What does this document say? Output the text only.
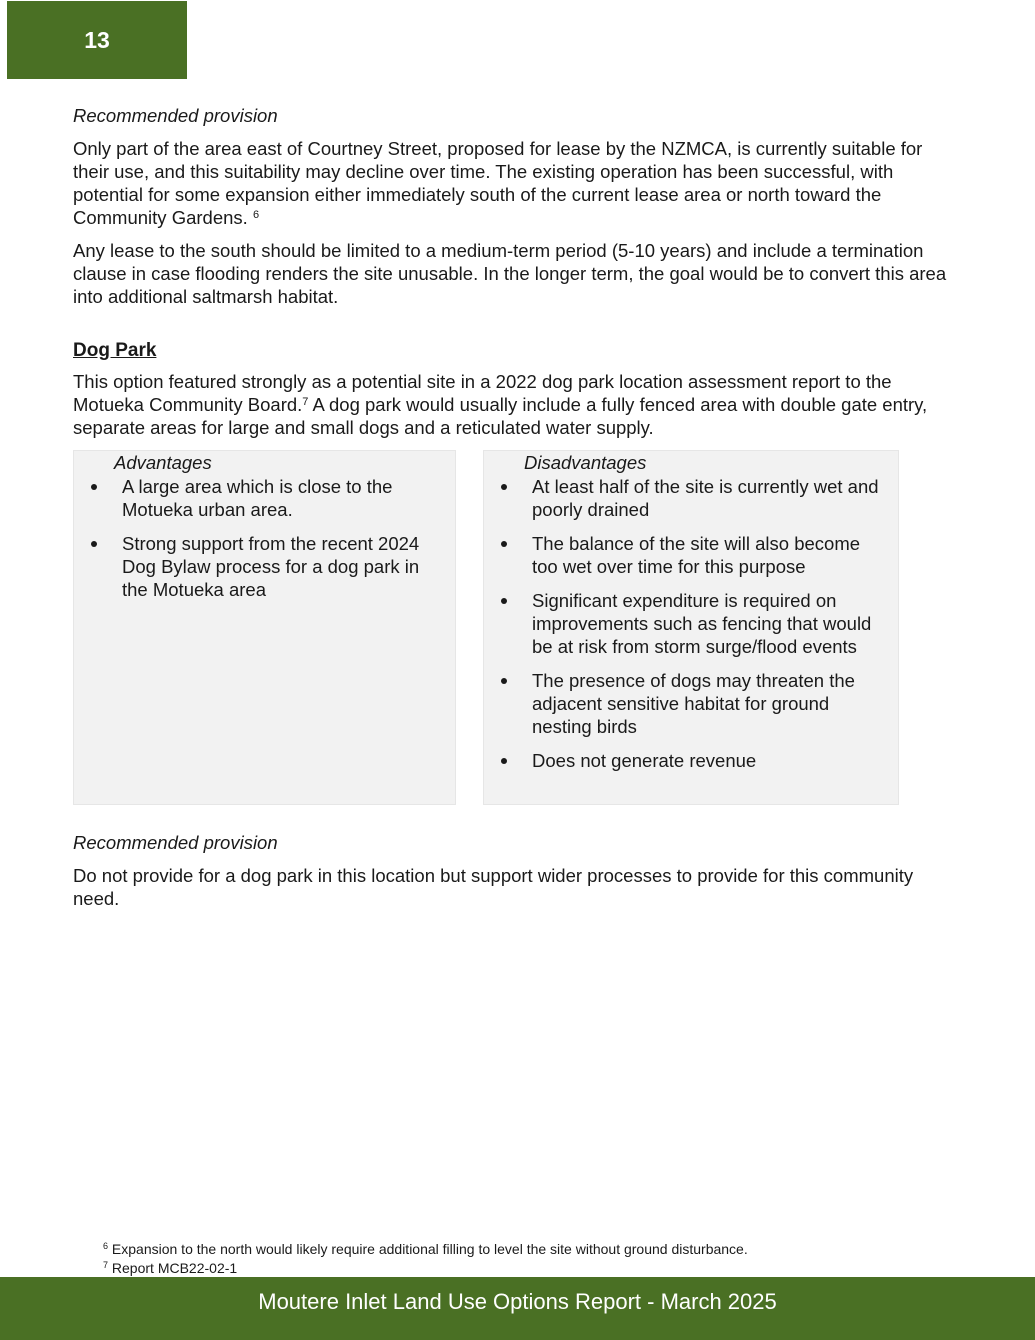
13
Recommended provision

Only part of the area east of Courtney Street, proposed for lease by the NZMCA, is currently suitable for their use, and this suitability may decline over time. The existing operation has been successful, with potential for some expansion either immediately south of the current lease area or north toward the Community Gardens. $^6$

Any lease to the south should be limited to a medium-term period (5-10 years) and include a termination clause in case flooding renders the site unusable. In the longer term, the goal would be to convert this area into additional saltmarsh habitat.

Dog Park

This option featured strongly as a potential site in a 2022 dog park location assessment report to the Motueka Community Board.$^7$ A dog park would usually include a fully fenced area with double gate entry, separate areas for large and small dogs and a reticulated water supply.

Advantages
A large area which is close to the Motueka urban area.
Strong support from the recent 2024 Dog Bylaw process for a dog park in the Motueka area
Disadvantages
At least half of the site is currently wet and poorly drained
The balance of the site will also become too wet over time for this purpose
Significant expenditure is required on improvements such as fencing that would be at risk from storm surge/flood events
The presence of dogs may threaten the adjacent sensitive habitat for ground nesting birds
Does not generate revenue
Recommended provision

Do not provide for a dog park in this location but support wider processes to provide for this community need.

$^6$ Expansion to the north would likely require additional filling to level the site without ground disturbance.
$^7$ Report MCB22-02-1
Moutere Inlet Land Use Options Report - March 2025
